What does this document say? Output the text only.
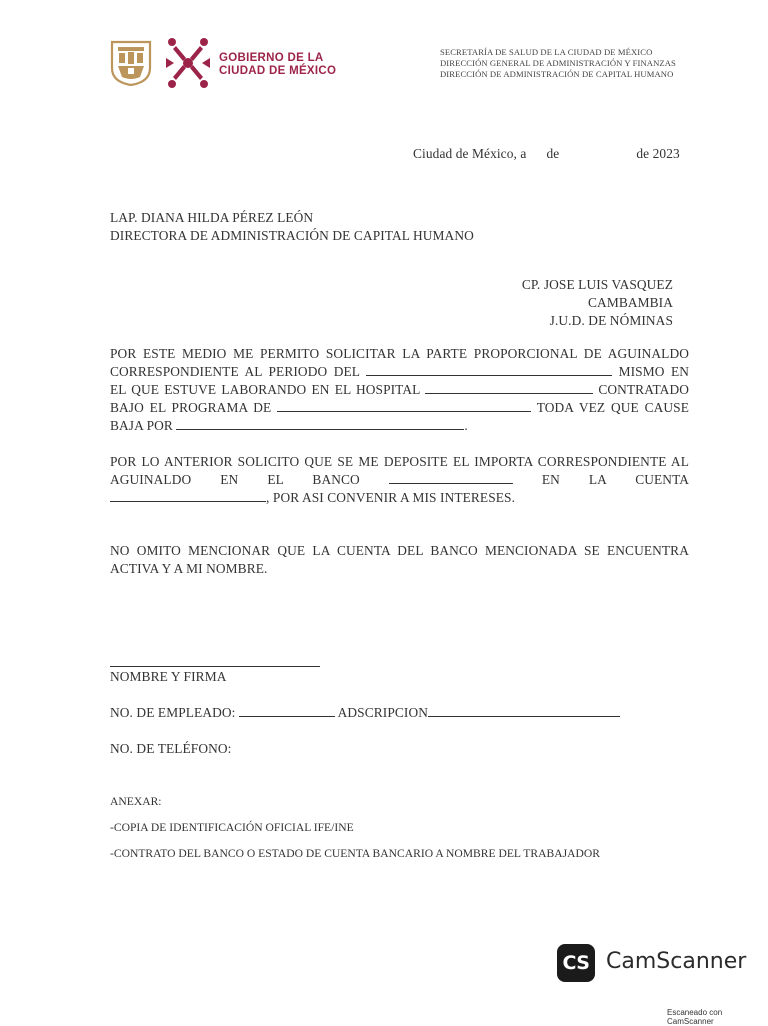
GOBIERNO DE LA
CIUDAD DE MÉXICO
SECRETARÍA DE SALUD DE LA CIUDAD DE MÉXICO
DIRECCIÓN GENERAL DE ADMINISTRACIÓN Y FINANZAS
DIRECCIÓN DE ADMINISTRACIÓN DE CAPITAL HUMANO
Ciudad de México, a de	de 2023
LAP. DIANA HILDA PÉREZ LEÓN
DIRECTORA DE ADMINISTRACIÓN DE CAPITAL HUMANO
CP. JOSE LUIS VASQUEZ CAMBAMBIA
J.U.D. DE NÓMINAS
POR ESTE MEDIO ME PERMITO SOLICITAR LA PARTE PROPORCIONAL DE AGUINALDO
CORRESPONDIENTE AL PERIODO DEL	MISMO EN
EL QUE ESTUVE LABORANDO EN EL HOSPITAL	CONTRATADO
BAJO EL PROGRAMA DE	TODA VEZ QUE CAUSE
BAJA POR	.
POR LO ANTERIOR SOLICITO QUE SE ME DEPOSITE EL IMPORTA CORRESPONDIENTE AL
AGUINALDO EN EL BANCO	EN LA CUENTA
, POR ASI CONVENIR A MIS INTERESES.
NO OMITO MENCIONAR QUE LA CUENTA DEL BANCO MENCIONADA SE ENCUENTRA
ACTIVA Y A MI NOMBRE.
NOMBRE Y FIRMA
NO. DE EMPLEADO:	ADSCRIPCION
NO. DE TELÉFONO:
ANEXAR:
-COPIA DE IDENTIFICACIÓN OFICIAL IFE/INE
-CONTRATO DEL BANCO O ESTADO DE CUENTA BANCARIO A NOMBRE DEL TRABAJADOR
CS CamScanner
Escaneado con CamScanner
